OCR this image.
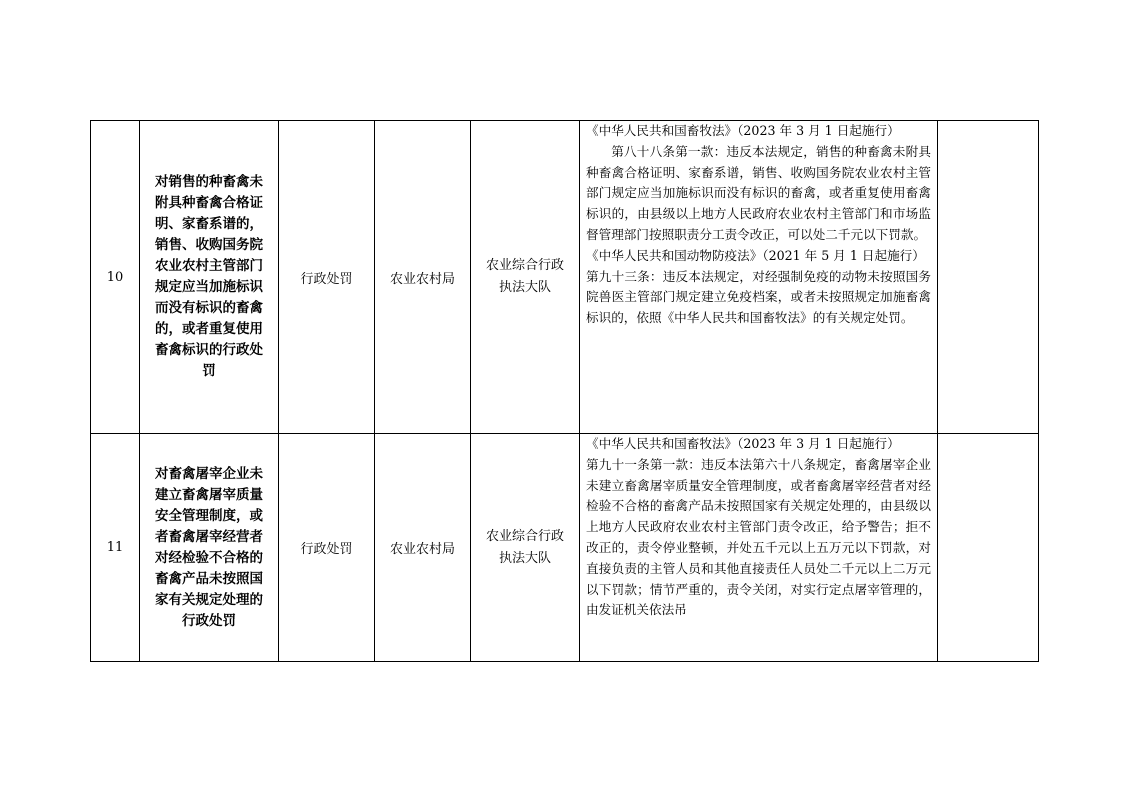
10	对销售的种畜禽未附具种畜禽合格证明、家畜系谱的，销售、收购国务院农业农村主管部门规定应当加施标识而没有标识的畜禽的，或者重复使用畜禽标识的行政处罚	行政处罚	农业农村局	农业综合行政执法大队	《中华人民共和国畜牧法》（2023 年 3 月 1 日起施行）

第八十八条第一款：违反本法规定，销售的种畜禽未附具种畜禽合格证明、家畜系谱，销售、收购国务院农业农村主管部门规定应当加施标识而没有标识的畜禽，或者重复使用畜禽标识的，由县级以上地方人民政府农业农村主管部门和市场监督管理部门按照职责分工责令改正，可以处二千元以下罚款。

《中华人民共和国动物防疫法》（2021 年 5 月 1 日起施行）

第九十三条：违反本法规定，对经强制免疫的动物未按照国务院兽医主管部门规定建立免疫档案，或者未按照规定加施畜禽标识的，依照《中华人民共和国畜牧法》的有关规定处罚。	

11	对畜禽屠宰企业未建立畜禽屠宰质量安全管理制度，或者畜禽屠宰经营者对经检验不合格的畜禽产品未按照国家有关规定处理的行政处罚	行政处罚	农业农村局	农业综合行政执法大队	《中华人民共和国畜牧法》（2023 年 3 月 1 日起施行）

第九十一条第一款：违反本法第六十八条规定，畜禽屠宰企业未建立畜禽屠宰质量安全管理制度，或者畜禽屠宰经营者对经检验不合格的畜禽产品未按照国家有关规定处理的，由县级以上地方人民政府农业农村主管部门责令改正，给予警告；拒不改正的，责令停业整顿，并处五千元以上五万元以下罚款，对直接负责的主管人员和其他直接责任人员处二千元以上二万元以下罚款；情节严重的，责令关闭，对实行定点屠宰管理的，由发证机关依法吊	
